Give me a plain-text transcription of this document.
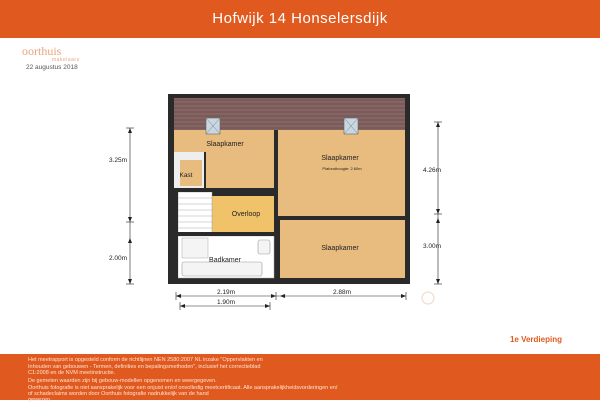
Hofwijk 14 Honselersdijk
oorthuis
makelaars
22 augustus 2018
Slaapkamer
Slaapkamer
Plafondhoogte: 2.60m
Kast
Overloop
Slaapkamer
Badkamer
3.25m
2.00m
4.26m
3.00m
2.19m	2.88m
1.90m
1e Verdieping

Het meetrapport is opgesteld conform de richtlijnen NEN 2580:2007 NL inzake "Oppervlakten en

Inhouden van gebouwen - Termen, definities en bepalingsmethoden", inclusief het correctieblad

C1:2008 en de NVM meetinstructie.

De gemeten waarden zijn bij gebouw-modellen opgenomen en weergegeven.

Oorthuis fotografie is niet aansprakelijk voor een onjuist en/of onvolledig meetcertificaat. Alle aansprakelijkheidsvorderingen en/

of schadeclaims worden door Oorthuis fotografie nadrukkelijk van de hand

gewezen.
